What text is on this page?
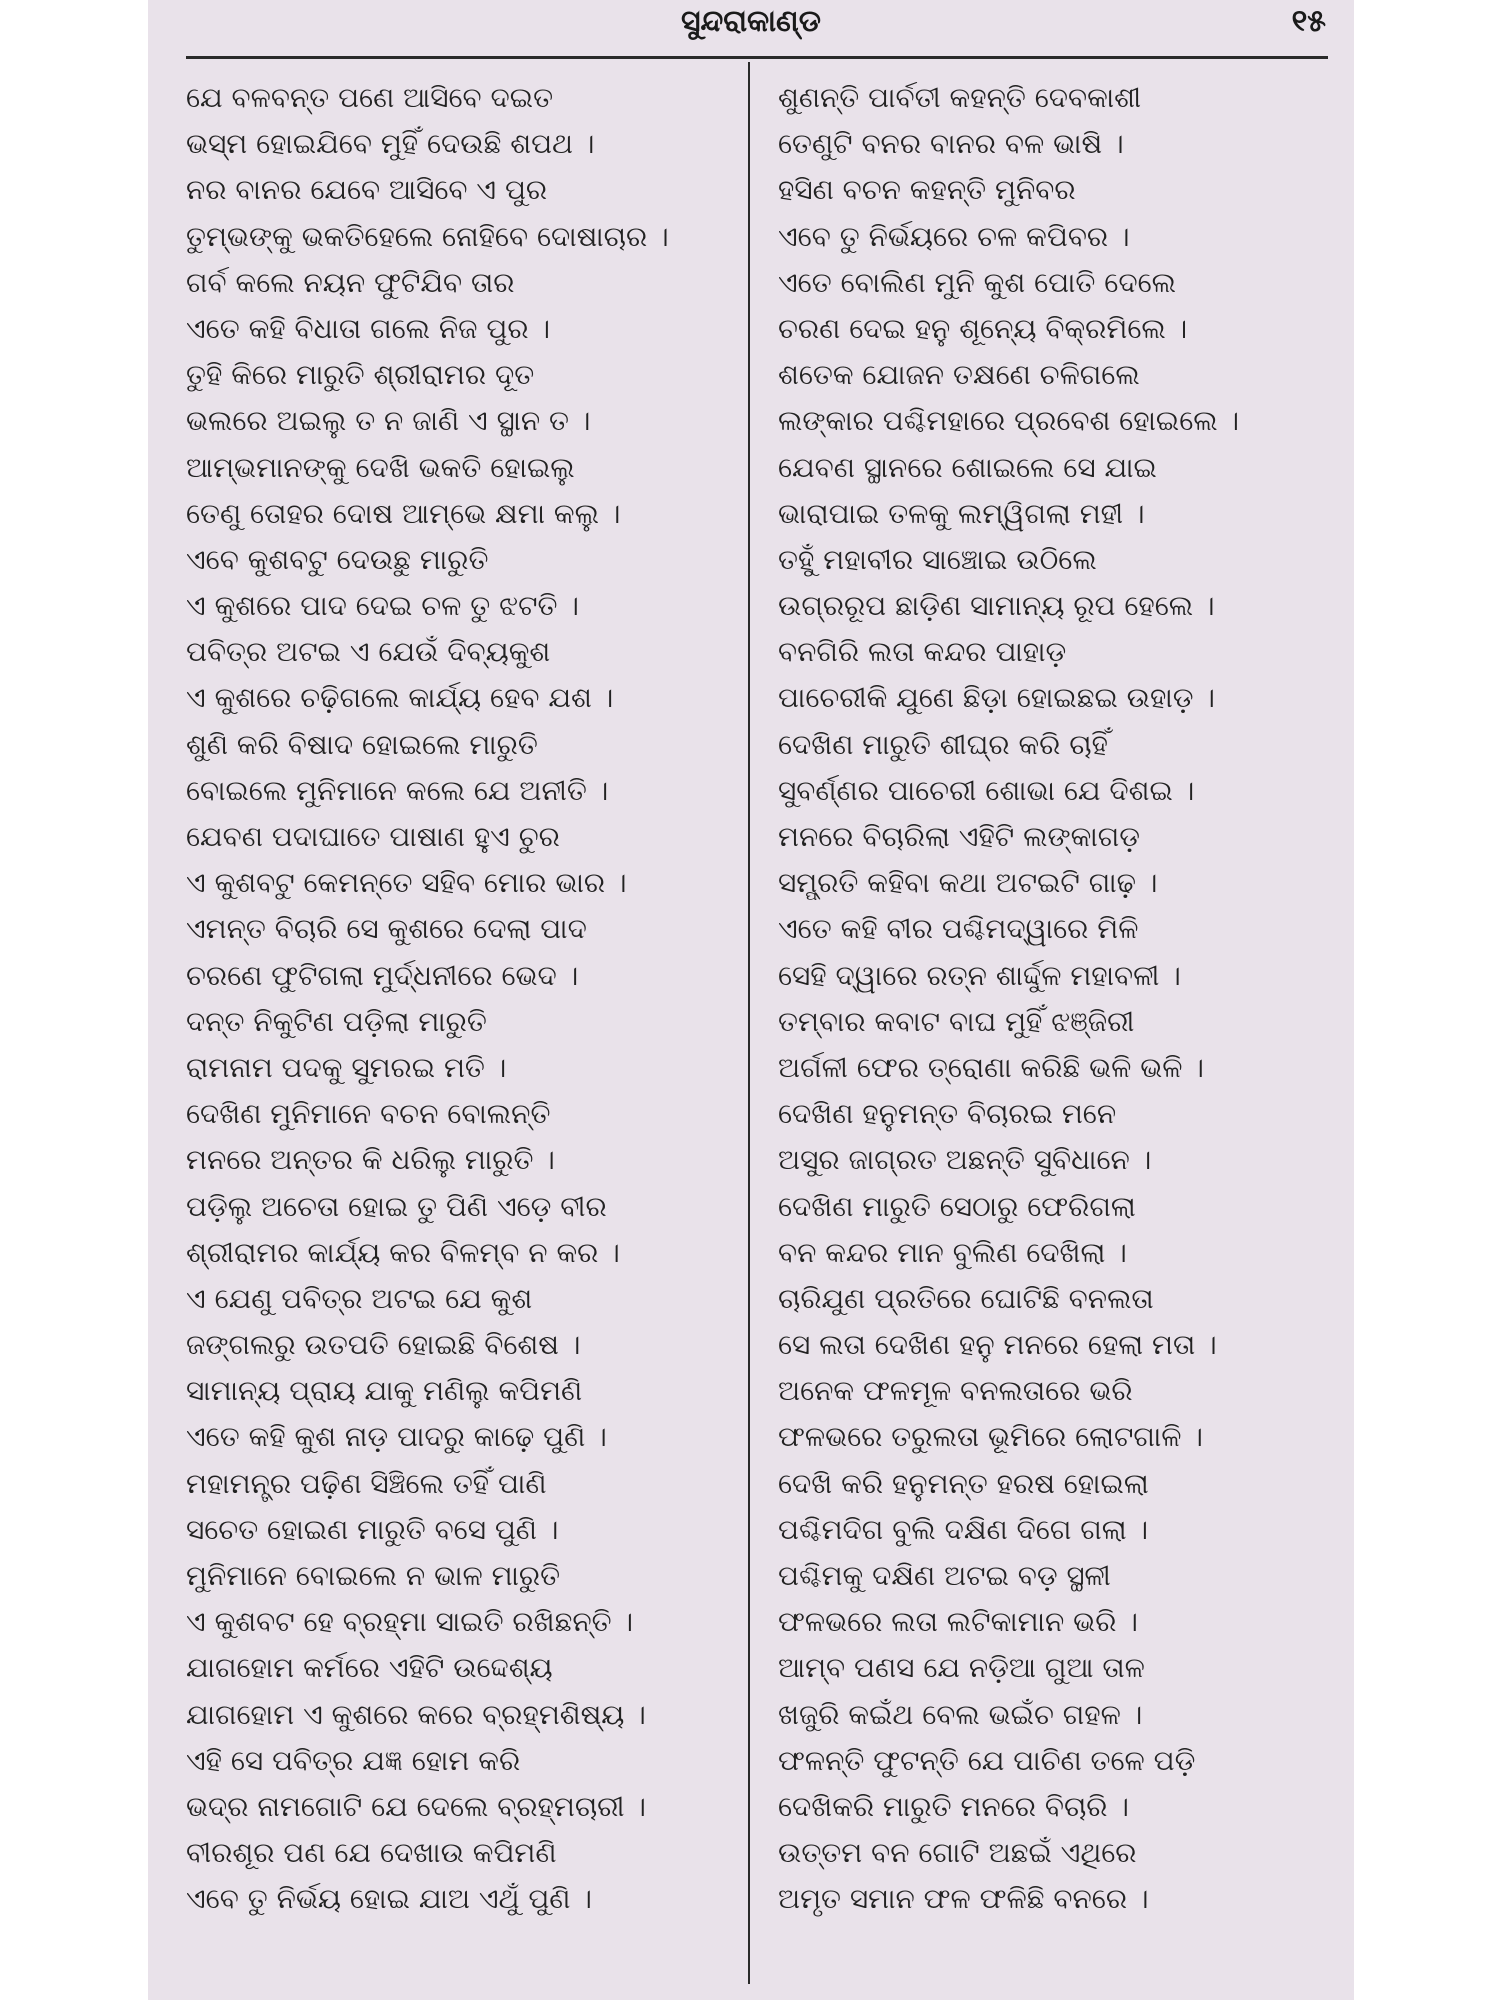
ସୁନ୍ଦରାକାଣ୍ଡ	୧୫
ଯେ ବଳବନ୍ତ ପଣେ ଆସିବେ ଦଇତ
ଭସ୍ମ ହୋଇଯିବେ ମୁହିଁ ଦେଉଛି ଶପଥ ।
ନର ବାନର ଯେବେ ଆସିବେ ଏ ପୁର
ତୁମ୍ଭଙ୍କୁ ଭକତିହେଲେ ନୋହିବେ ଦୋଷାଚାର ।
ଗର୍ବ କଲେ ନୟନ ଫୁଟିଯିବ ତାର
ଏତେ କହି ବିଧାତା ଗଲେ ନିଜ ପୁର ।
ତୁହି କିରେ ମାରୁତି ଶ୍ରୀରାମର ଦୂତ
ଭଲରେ ଅଇଲୁ ତ ନ ଜାଣି ଏ ସ୍ଥାନ ତ ।
ଆମ୍ଭମାନଙ୍କୁ ଦେଖି ଭକତି ହୋଇଲୁ
ତେଣୁ ତୋହର ଦୋଷ ଆମ୍ଭେ କ୍ଷମା କଲୁ ।
ଏବେ କୁଶବଟୁ ଦେଉଛୁ ମାରୁତି
ଏ କୁଶରେ ପାଦ ଦେଇ ଚଳ ତୁ ଝଟତି ।
ପବିତ୍ର ଅଟଇ ଏ ଯେଉଁ ଦିବ୍ୟକୁଶ
ଏ କୁଶରେ ଚଢ଼ିଗଲେ କାର୍ଯ୍ୟ ହେବ ଯଶ ।
ଶୁଣି କରି ବିଷାଦ ହୋଇଲେ ମାରୁତି
ବୋଇଲେ ମୁନିମାନେ କଲେ ଯେ ଅନୀତି ।
ଯେବଣ ପଦାଘାତେ ପାଷାଣ ହୁଏ ଚୁର
ଏ କୁଶବଟୁ କେମନ୍ତେ ସହିବ ମୋର ଭାର ।
ଏମନ୍ତ ବିଚାରି ସେ କୁଶରେ ଦେଲା ପାଦ
ଚରଣେ ଫୁଟିଗଲା ମୁର୍ଦ୍ଧନୀରେ ଭେଦ ।
ଦନ୍ତ ନିକୁଟିଣ ପଡ଼ିଲା ମାରୁତି
ରାମନାମ ପଦକୁ ସୁମରଇ ମତି ।
ଦେଖିଣ ମୁନିମାନେ ବଚନ ବୋଲନ୍ତି
ମନରେ ଅନ୍ତର କି ଧରିଲୁ ମାରୁତି ।
ପଡ଼ିଲୁ ଅଚେତା ହୋଇ ତୁ ପିଣି ଏଡ଼େ ବୀର
ଶ୍ରୀରାମର କାର୍ଯ୍ୟ କର ବିଳମ୍ବ ନ କର ।
ଏ ଯେଣୁ ପବିତ୍ର ଅଟଇ ଯେ କୁଶ
ଜଙ୍ଗଲରୁ ଉତପତି ହୋଇଛି ବିଶେଷ ।
ସାମାନ୍ୟ ପ୍ରାୟ ଯାକୁ ମଣିଲୁ କପିମଣି
ଏତେ କହି କୁଶ ନାଡ଼ ପାଦରୁ କାଢ଼େ ପୁଣି ।
ମହାମନ୍ତ୍ର ପଢ଼ିଣ ସିଞ୍ଚିଲେ ତହିଁ ପାଣି
ସଚେତ ହୋଇଣ ମାରୁତି ବସେ ପୁଣି ।
ମୁନିମାନେ ବୋଇଲେ ନ ଭାଳ ମାରୁତି
ଏ କୁଶବଟ ହେ ବ୍ରହ୍ମା ସାଇତି ରଖିଛନ୍ତି ।
ଯାଗହୋମ କର୍ମରେ ଏହିଟି ଉଦ୍ଦେଶ୍ୟ
ଯାଗହୋମ ଏ କୁଶରେ କରେ ବ୍ରହ୍ମଶିଷ୍ୟ ।
ଏହି ସେ ପବିତ୍ର ଯଜ୍ଞ ହୋମ କରି
ଭଦ୍ର ନାମଗୋଟି ଯେ ଦେଲେ ବ୍ରହ୍ମଚାରୀ ।
ବୀରଶୂର ପଣ ଯେ ଦେଖାଉ କପିମଣି
ଏବେ ତୁ ନିର୍ଭୟ ହୋଇ ଯାଅ ଏଥୁଁ ପୁଣି ।
ଶୁଣନ୍ତି ପାର୍ବତୀ କହନ୍ତି ଦେବକାଶୀ
ତେଣୁଟି ବନର ବାନର ବଳ ଭାଷି ।
ହସିଣ ବଚନ କହନ୍ତି ମୁନିବର
ଏବେ ତୁ ନିର୍ଭୟରେ ଚଳ କପିବର ।
ଏତେ ବୋଲିଣ ମୁନି କୁଶ ପୋତି ଦେଲେ
ଚରଣ ଦେଇ ହନୁ ଶୂନ୍ୟେ ବିକ୍ରମିଲେ ।
ଶତେକ ଯୋଜନ ତକ୍ଷଣେ ଚଳିଗଲେ
ଲଙ୍କାର ପଶ୍ଚିମହାରେ ପ୍ରବେଶ ହୋଇଲେ ।
ଯେବଣ ସ୍ଥାନରେ ଶୋଇଲେ ସେ ଯାଇ
ଭାରାପାଇ ତଳକୁ ଲମ୍ୱିଗଲା ମହୀ ।
ତହୁଁ ମହାବୀର ସାଞ୍ଚୋଇ ଉଠିଲେ
ଉଗ୍ରରୂପ ଛାଡ଼ିଣ ସାମାନ୍ୟ ରୂପ ହେଲେ ।
ବନଗିରି ଲତା କନ୍ଦର ପାହାଡ଼
ପାଚେରୀକି ଯୁଣେ ଛିଡ଼ା ହୋଇଛଇ ଉହାଡ଼ ।
ଦେଖିଣ ମାରୁତି ଶୀଘ୍ର କରି ଚାହିଁ
ସୁବର୍ଣ୍ଣର ପାଚେରୀ ଶୋଭା ଯେ ଦିଶଇ ।
ମନରେ ବିଚାରିଲା ଏହିଟି ଲଙ୍କାଗଡ଼
ସମ୍ପ୍ରତି କହିବା କଥା ଅଟଇଟି ଗାଢ଼ ।
ଏତେ କହି ବୀର ପଶ୍ଚିମଦ୍ୱାରେ ମିଳି
ସେହି ଦ୍ୱାରେ ରତ୍ନ ଶାର୍ଦ୍ଦୁଳ ମହାବଳୀ ।
ତମ୍ବାର କବାଟ ବାଘ ମୁହିଁ ଝଞ୍ଜିରୀ
ଅର୍ଗଳୀ ଫେର ତ୍ରୋଣା କରିଛି ଭଳି ଭଳି ।
ଦେଖିଣ ହନୁମନ୍ତ ବିଚାରଇ ମନେ
ଅସୁର ଜାଗ୍ରତ ଅଛନ୍ତି ସୁବିଧାନେ ।
ଦେଖିଣ ମାରୁତି ସେଠାରୁ ଫେରିଗଲା
ବନ କନ୍ଦର ମାନ ବୁଲିଣ ଦେଖିଲା ।
ଚାରିଯୁଣ ପ୍ରତିରେ ଘୋଟିଛି ବନଲତା
ସେ ଲତା ଦେଖିଣ ହନୁ ମନରେ ହେଲା ମତା ।
ଅନେକ ଫଳମୂଳ ବନଲତାରେ ଭରି
ଫଳଭରେ ତରୁଲତା ଭୂମିରେ ଲୋଟଗାଳି ।
ଦେଖି କରି ହନୁମନ୍ତ ହରଷ ହୋଇଲା
ପଶ୍ଚିମଦିଗ ବୁଲି ଦକ୍ଷିଣ ଦିଗେ ଗଲା ।
ପଶ୍ଚିମକୁ ଦକ୍ଷିଣ ଅଟଇ ବଡ଼ ସ୍ଥଳୀ
ଫଳଭରେ ଲତା ଲଟିକାମାନ ଭରି ।
ଆମ୍ବ ପଣସ ଯେ ନଡ଼ିଆ ଗୁଆ ତାଳ
ଖଜୁରି କଇଁଥ ବେଲ ଭଇଁଚ ଗହଳ ।
ଫଳନ୍ତି ଫୁଟନ୍ତି ଯେ ପାଚିଣ ତଳେ ପଡ଼ି
ଦେଖିକରି ମାରୁତି ମନରେ ବିଚାରି ।
ଉତ୍ତମ ବନ ଗୋଟି ଅଛଇଁ ଏଥିରେ
ଅମୃତ ସମାନ ଫଳ ଫଳିଛି ବନରେ ।
